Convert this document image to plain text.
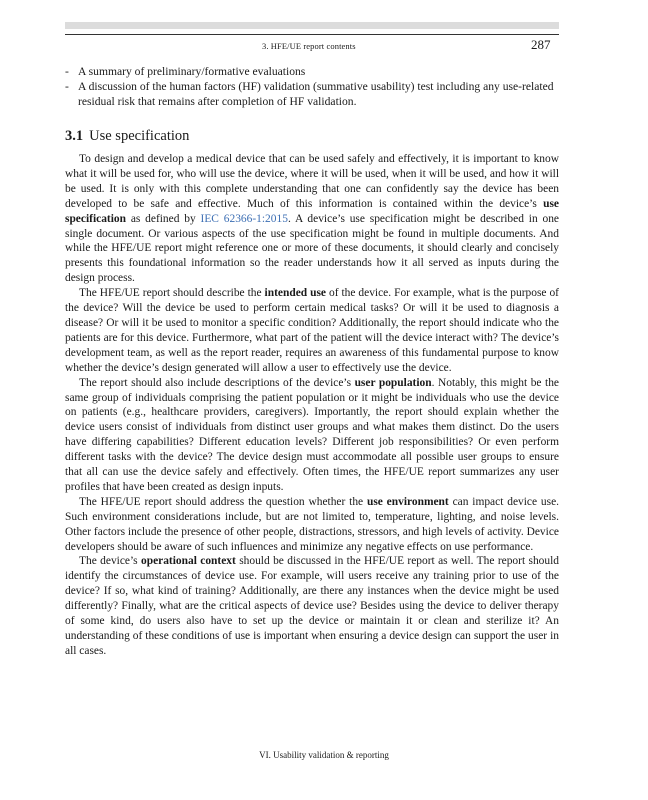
3. HFE/UE report contents	287
- A summary of preliminary/formative evaluations
- A discussion of the human factors (HF) validation (summative usability) test including any use-related residual risk that remains after completion of HF validation.
3.1 Use specification

To design and develop a medical device that can be used safely and effectively, it is important to know what it will be used for, who will use the device, where it will be used, when it will be used, and how it will be used. It is only with this complete understanding that one can confidently say the device has been developed to be safe and effective. Much of this information is contained within the device’s use specification as defined by IEC 62366-1:2015. A device’s use specification might be described in one single document. Or various aspects of the use specification might be found in multiple documents. And while the HFE/UE report might reference one or more of these documents, it should clearly and concisely presents this foundational information so the reader understands how it all served as inputs during the design process.

The HFE/UE report should describe the intended use of the device. For example, what is the purpose of the device? Will the device be used to perform certain medical tasks? Or will it be used to diagnosis a disease? Or will it be used to monitor a specific condition? Additionally, the report should indicate who the patients are for this device. Furthermore, what part of the patient will the device interact with? The device’s development team, as well as the report reader, requires an awareness of this fundamental purpose to know whether the device’s design generated will allow a user to effectively use the device.

The report should also include descriptions of the device’s user population. Notably, this might be the same group of individuals comprising the patient population or it might be individuals who use the device on patients (e.g., healthcare providers, caregivers). Importantly, the report should explain whether the device users consist of individuals from distinct user groups and what makes them distinct. Do the users have differing capabilities? Different education levels? Different job responsibilities? Or even perform different tasks with the device? The device design must accommodate all possible user groups to ensure that all can use the device safely and effectively. Often times, the HFE/UE report summarizes any user profiles that have been created as design inputs.

The HFE/UE report should address the question whether the use environment can impact device use. Such environment considerations include, but are not limited to, temperature, lighting, and noise levels. Other factors include the presence of other people, distractions, stressors, and high levels of activity. Device developers should be aware of such influences and minimize any negative effects on use performance.

The device’s operational context should be discussed in the HFE/UE report as well. The report should identify the circumstances of device use. For example, will users receive any training prior to use of the device? If so, what kind of training? Additionally, are there any instances when the device might be used differently? Finally, what are the critical aspects of device use? Besides using the device to deliver therapy of some kind, do users also have to set up the device or maintain it or clean and sterilize it? An understanding of these conditions of use is important when ensuring a device design can support the user in all cases.

VI. Usability validation & reporting
